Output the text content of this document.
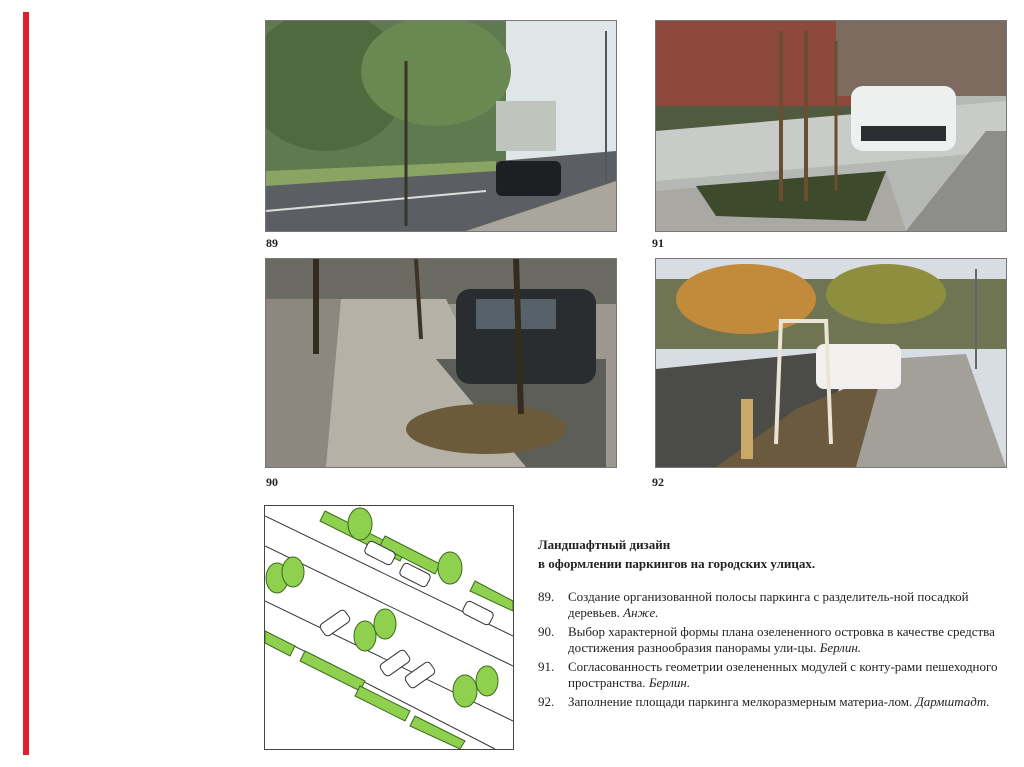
89	91
90	92
Ландшафтный дизайн
в оформлении паркингов на городских улицах.
89.	Создание организованной полосы паркинга с разделитель-ной посадкой деревьев. Анже.
90.	Выбор характерной формы плана озелененного островка в качестве средства достижения разнообразия панорамы ули-цы. Берлин.
91.	Согласованность геометрии озелененных модулей с конту-рами пешеходного пространства. Берлин.
92.	Заполнение площади паркинга мелкоразмерным материа-лом. Дармштадт.
